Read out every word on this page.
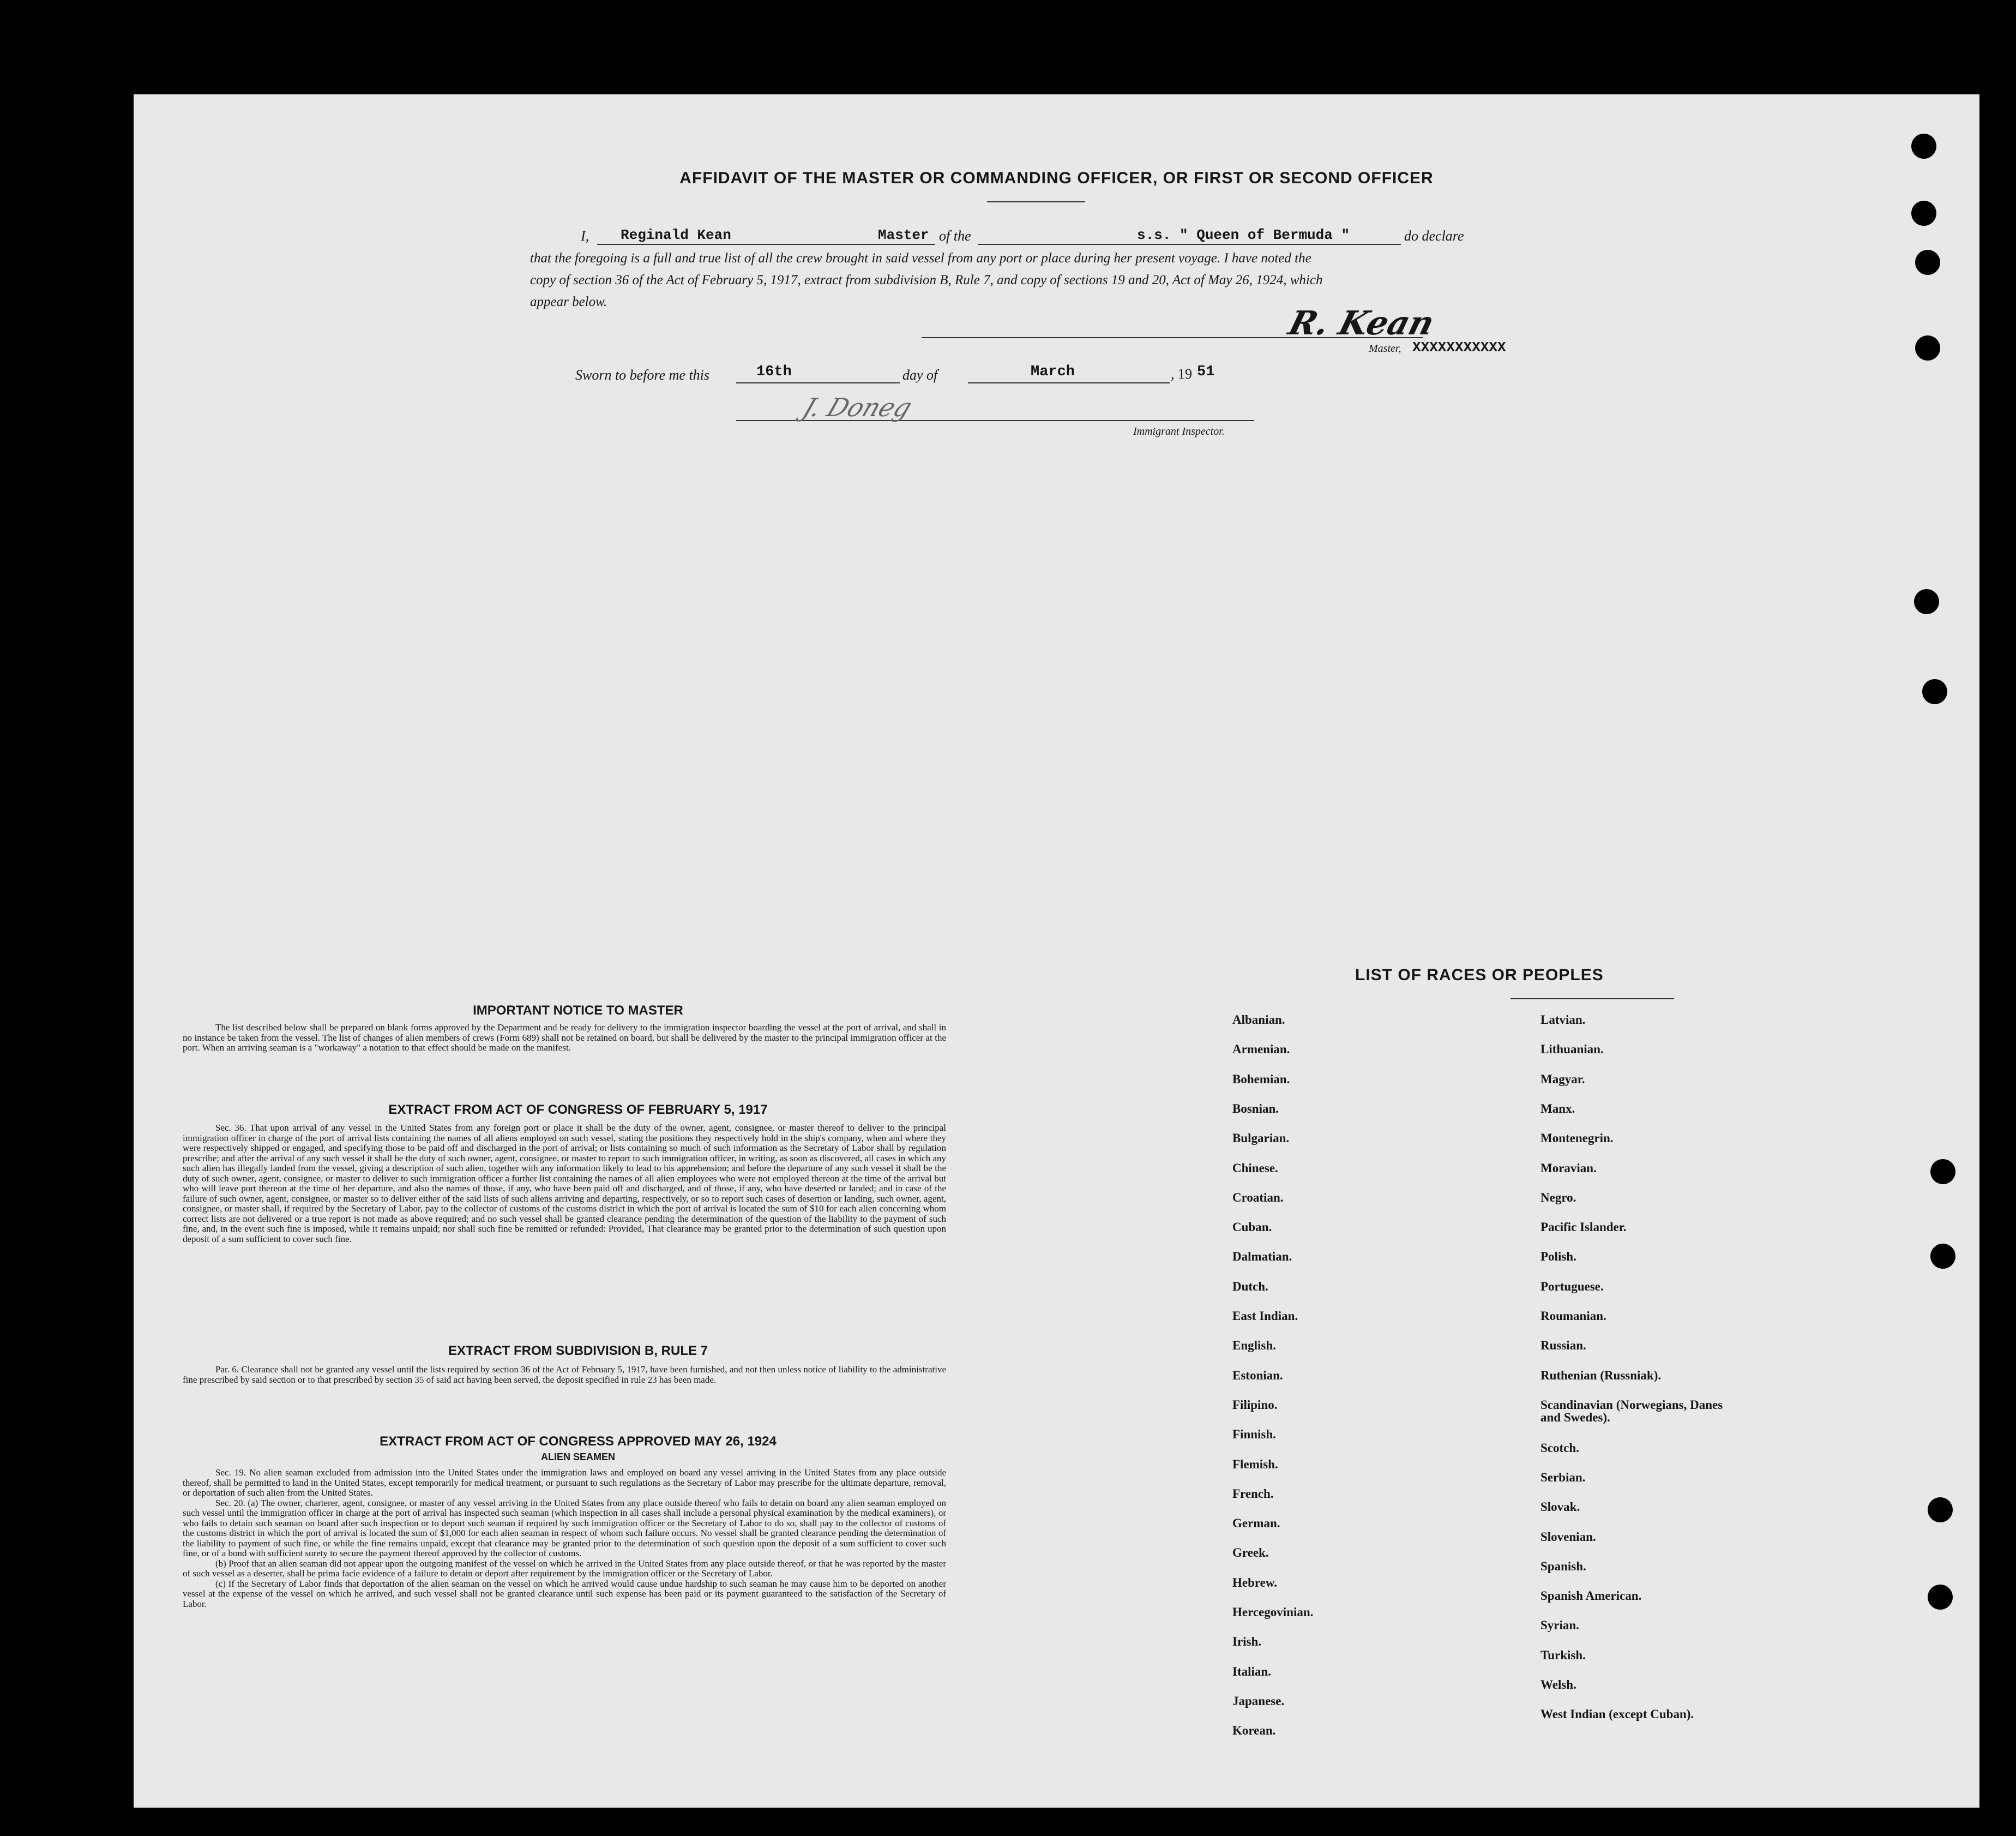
AFFIDAVIT OF THE MASTER OR COMMANDING OFFICER, OR FIRST OR SECOND OFFICER
I, Reginald Kean	Master of the	s.s. " Queen of Bermuda "	do declare
that the foregoing is a full and true list of all the crew brought in said vessel from any port or place during her present voyage. I have noted the
copy of section 36 of the Act of February 5, 1917, extract from subdivision B, Rule 7, and copy of sections 19 and 20, Act of May 26, 1924, which
appear below.
R. Kean
Master, XXXXXXXXXXX
Sworn to before me this	16th	day of	March	, 19 51
J. Doneg
Immigrant Inspector.
IMPORTANT NOTICE TO MASTER
The list described below shall be prepared on blank forms approved by the Department and be ready for delivery to the immigration inspector boarding the vessel at the port of arrival, and shall in no instance be taken from the vessel. The list of changes of alien members of crews (Form 689) shall not be retained on board, but shall be delivered by the master to the principal immigration officer at the port. When an arriving seaman is a "workaway" a notation to that effect should be made on the manifest.
EXTRACT FROM ACT OF CONGRESS OF FEBRUARY 5, 1917
Sec. 36. That upon arrival of any vessel in the United States from any foreign port or place it shall be the duty of the owner, agent, consignee, or master thereof to deliver to the principal immigration officer in charge of the port of arrival lists containing the names of all aliens employed on such vessel, stating the positions they respectively hold in the ship's company, when and where they were respectively shipped or engaged, and specifying those to be paid off and discharged in the port of arrival; or lists containing so much of such information as the Secretary of Labor shall by regulation prescribe; and after the arrival of any such vessel it shall be the duty of such owner, agent, consignee, or master to report to such immigration officer, in writing, as soon as discovered, all cases in which any such alien has illegally landed from the vessel, giving a description of such alien, together with any information likely to lead to his apprehension; and before the departure of any such vessel it shall be the duty of such owner, agent, consignee, or master to deliver to such immigration officer a further list containing the names of all alien employees who were not employed thereon at the time of the arrival but who will leave port thereon at the time of her departure, and also the names of those, if any, who have been paid off and discharged, and of those, if any, who have deserted or landed; and in case of the failure of such owner, agent, consignee, or master so to deliver either of the said lists of such aliens arriving and departing, respectively, or so to report such cases of desertion or landing, such owner, agent, consignee, or master shall, if required by the Secretary of Labor, pay to the collector of customs of the customs district in which the port of arrival is located the sum of $10 for each alien concerning whom correct lists are not delivered or a true report is not made as above required; and no such vessel shall be granted clearance pending the determination of the question of the liability to the payment of such fine, and, in the event such fine is imposed, while it remains unpaid; nor shall such fine be remitted or refunded: Provided, That clearance may be granted prior to the determination of such question upon deposit of a sum sufficient to cover such fine.
EXTRACT FROM SUBDIVISION B, RULE 7
Par. 6. Clearance shall not be granted any vessel until the lists required by section 36 of the Act of February 5, 1917, have been furnished, and not then unless notice of liability to the administrative fine prescribed by said section or to that prescribed by section 35 of said act having been served, the deposit specified in rule 23 has been made.
EXTRACT FROM ACT OF CONGRESS APPROVED MAY 26, 1924
ALIEN SEAMEN
Sec. 19. No alien seaman excluded from admission into the United States under the immigration laws and employed on board any vessel arriving in the United States from any place outside thereof, shall be permitted to land in the United States, except temporarily for medical treatment, or pursuant to such regulations as the Secretary of Labor may prescribe for the ultimate departure, removal, or deportation of such alien from the United States.
Sec. 20. (a) The owner, charterer, agent, consignee, or master of any vessel arriving in the United States from any place outside thereof who fails to detain on board any alien seaman employed on such vessel until the immigration officer in charge at the port of arrival has inspected such seaman (which inspection in all cases shall include a personal physical examination by the medical examiners), or who fails to detain such seaman on board after such inspection or to deport such seaman if required by such immigration officer or the Secretary of Labor to do so, shall pay to the collector of customs of the customs district in which the port of arrival is located the sum of $1,000 for each alien seaman in respect of whom such failure occurs. No vessel shall be granted clearance pending the determination of the liability to payment of such fine, or while the fine remains unpaid, except that clearance may be granted prior to the determination of such question upon the deposit of a sum sufficient to cover such fine, or of a bond with sufficient surety to secure the payment thereof approved by the collector of customs.
(b) Proof that an alien seaman did not appear upon the outgoing manifest of the vessel on which he arrived in the United States from any place outside thereof, or that he was reported by the master of such vessel as a deserter, shall be prima facie evidence of a failure to detain or deport after requirement by the immigration officer or the Secretary of Labor.
(c) If the Secretary of Labor finds that deportation of the alien seaman on the vessel on which he arrived would cause undue hardship to such seaman he may cause him to be deported on another vessel at the expense of the vessel on which he arrived, and such vessel shall not be granted clearance until such expense has been paid or its payment guaranteed to the satisfaction of the Secretary of Labor.
LIST OF RACES OR PEOPLES
Albanian.
Armenian.
Bohemian.
Bosnian.
Bulgarian.
Chinese.
Croatian.
Cuban.
Dalmatian.
Dutch.
East Indian.
English.
Estonian.
Filipino.
Finnish.
Flemish.
French.
German.
Greek.
Hebrew.
Hercegovinian.
Irish.
Italian.
Japanese.
Korean.
Latvian.
Lithuanian.
Magyar.
Manx.
Montenegrin.
Moravian.
Negro.
Pacific Islander.
Polish.
Portuguese.
Roumanian.
Russian.
Ruthenian (Russniak).
Scandinavian (Norwegians, Danes and Swedes).
Scotch.
Serbian.
Slovak.
Slovenian.
Spanish.
Spanish American.
Syrian.
Turkish.
Welsh.
West Indian (except Cuban).
